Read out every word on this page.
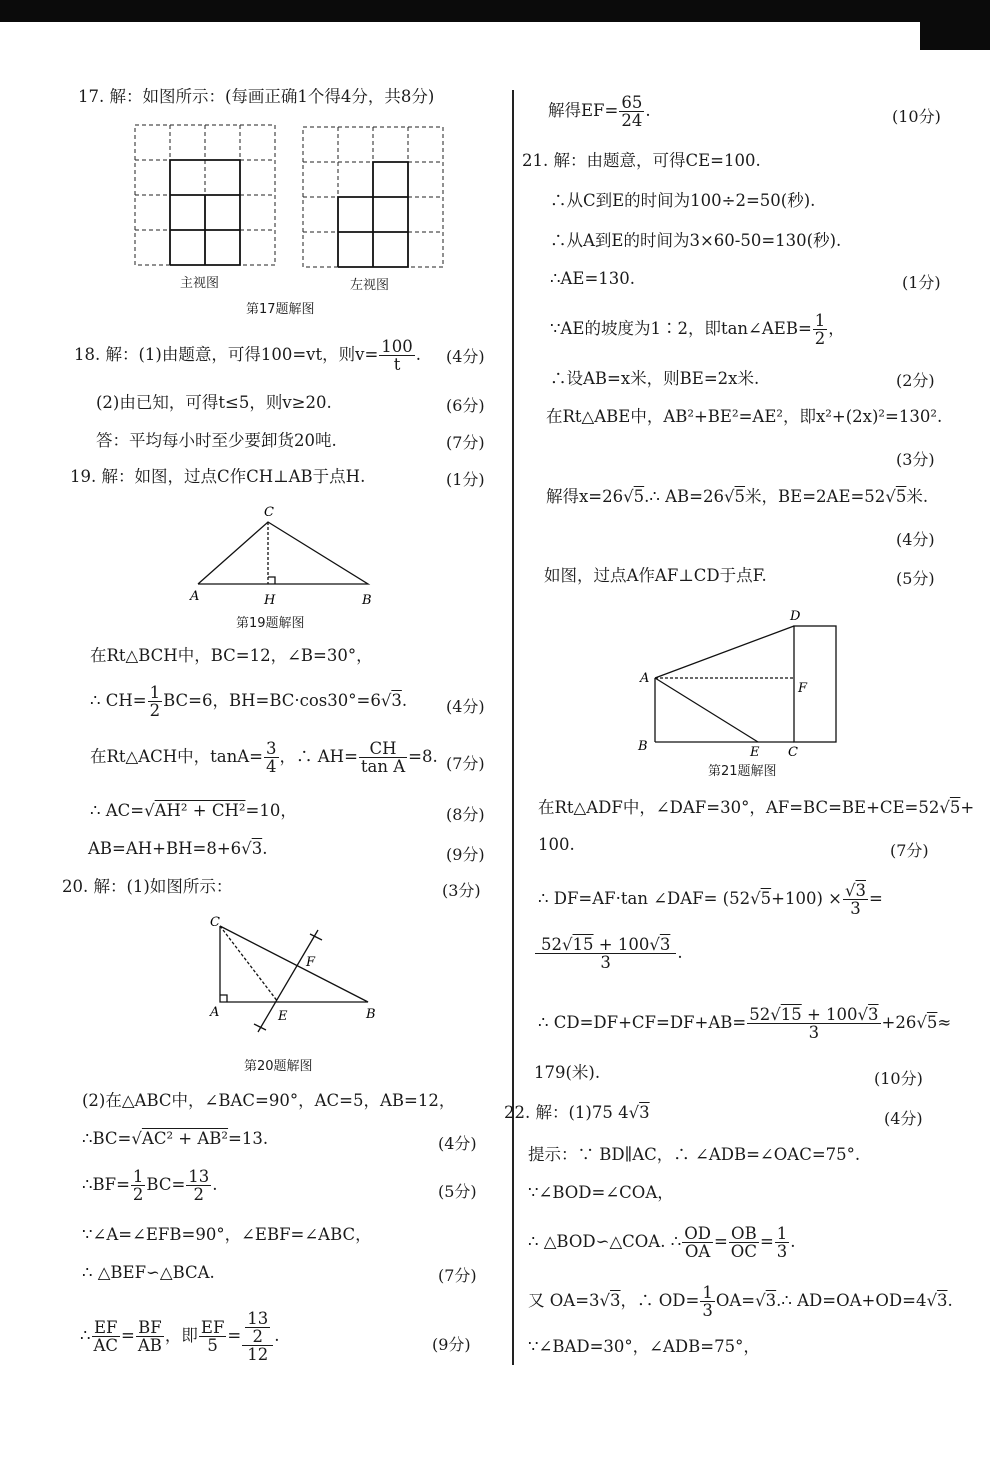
17. 解：如图所示：(每画正确1个得4分，共8分)
主视图	左视图
第17题解图
18. 解：(1)由题意，可得100=vt，则$v= \frac{100}{t}$ . (4分)
(2)由已知，可得t≤5，则v≥20.	(6分)
答：平均每小时至少要卸货20吨.	(7分)
19. 解：如图，过点C作CH⊥AB于点H.	(1分)
C
A	H	B
第19题解图
在Rt△BCH中，BC=12，∠B=30°，
∴ $CH= \frac{1}{2} BC=6$，BH=BC·cos30°=6√3. (4分)
在Rt△ACH中，$\tan A= \frac{3}{4}$ ，∴ $AH= \frac{CH}{\text{tan A}} =8$. (7分)
∴ AC=√AH² + CH²=10，	(8分)
AB=AH+BH=8+6√3.	(9分)
20. 解：(1)如图所示：	(3分)
C
F
A	E	B
第20题解图
(2)在△ABC中，∠BAC=90°，AC=5，AB=12，
∴BC=√AC² + AB²=13.	(4分)
∴BF= $\frac{1}{2} BC= \frac{13}{2}$ .	(5分)
∵∠A=∠EFB=90°，∠EBF=∠ABC，
∴ △BEF∽△BCA.	(7分)
∴ $\frac{EF}{AC} = \frac{BF}{AB}$ ，即 $\frac{EF}{5} = \frac{\frac{13}{2}}{12}$ .	(9分)
解得$EF= \frac{65}{24}$ .	(10分)
21. 解：由题意，可得CE=100.
∴从C到E的时间为100÷2=50(秒).
∴从A到E的时间为3×60-50=130(秒).
∴AE=130.	(1分)
∵AE的坡度为1∶2，即tan∠AEB= $\frac{1}{2}$ ，
∴设AB=x米，则BE=2x米.	(2分)
在Rt△ABE中，AB²+BE²=AE²，即x²+(2x)²=130².
(3分)
解得x=26√5.∴ AB=26√5米，BE=2AE=52√5米.
(4分)
如图，过点A作AF⊥CD于点F.	(5分)
D
A
F
B	E C
第21题解图
在Rt△ADF中，∠DAF=30°，AF=BC=BE+CE=52√5+
100.	(7分)
∴ DF=AF·tan ∠DAF= $(52√5+100) \times \frac{√3}{3}$ =
$\frac{52√15 + 100√3}{3}$ .
∴ $CD=DF+CF=DF+AB= \frac{52√15 + 100√3}{3} +26√5\approx$
179(米).	(10分)
22. 解：(1)75 4√3	(4分)
提示：∵ BD∥AC，∴ ∠ADB=∠OAC=75°.
∵∠BOD=∠COA，
∴ △BOD∽△COA. ∴ $\frac{OD}{OA} = \frac{OB}{OC} = \frac{1}{3}$ .
又 OA=3√3，∴ $OD= \frac{1}{3}$ OA=√3.∴ AD=OA+OD=4√3.
∵∠BAD=30°，∠ADB=75°，
